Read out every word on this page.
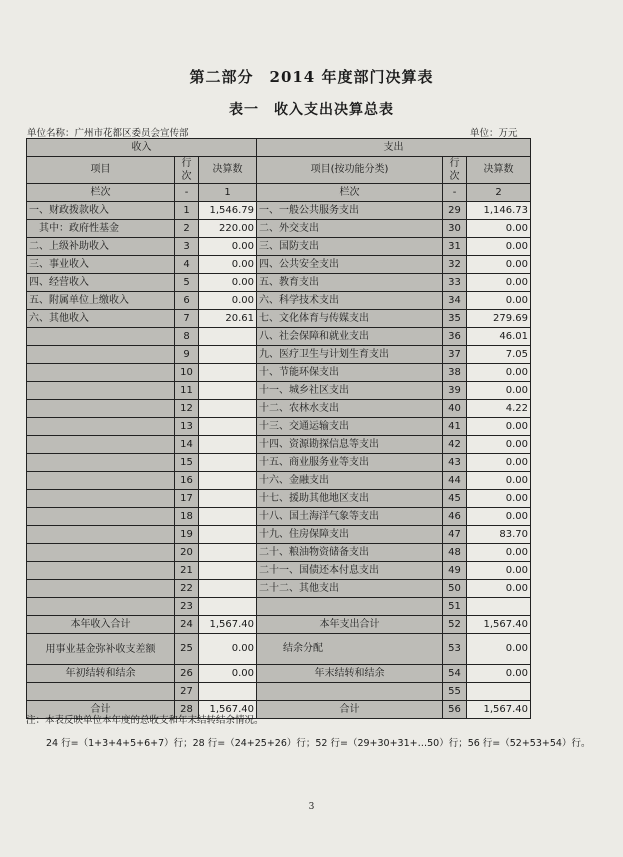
第二部分　2014 年度部门决算表
表一　收入支出决算总表
单位名称：广州市花都区委员会宣传部	单位：万元
收入			支出		
项目	行次	决算数	项目(按功能分类)	行次	决算数
栏次	-	1	栏次	-	2
一、财政拨款收入	1	1,546.79	一、一般公共服务支出	29	1,146.73
　其中：政府性基金	2	220.00	二、外交支出	30	0.00
二、上级补助收入	3	0.00	三、国防支出	31	0.00
三、事业收入	4	0.00	四、公共安全支出	32	0.00
四、经营收入	5	0.00	五、教育支出	33	0.00
五、附属单位上缴收入	6	0.00	六、科学技术支出	34	0.00
六、其他收入	7	20.61	七、文化体育与传媒支出	35	279.69
	8		八、社会保障和就业支出	36	46.01
	9		九、医疗卫生与计划生育支出	37	7.05
	10		十、节能环保支出	38	0.00
	11		十一、城乡社区支出	39	0.00
	12		十二、农林水支出	40	4.22
	13		十三、交通运输支出	41	0.00
	14		十四、资源勘探信息等支出	42	0.00
	15		十五、商业服务业等支出	43	0.00
	16		十六、金融支出	44	0.00
	17		十七、援助其他地区支出	45	0.00
	18		十八、国土海洋气象等支出	46	0.00
	19		十九、住房保障支出	47	83.70
	20		二十、粮油物资储备支出	48	0.00
	21		二十一、国债还本付息支出	49	0.00
	22		二十二、其他支出	50	0.00
	23			51	
本年收入合计	24	1,567.40	本年支出合计	52	1,567.40
用事业基金弥补收支差额	25	0.00	结余分配	53	0.00
年初结转和结余	26	0.00	年末结转和结余	54	0.00
	27			55	
合计	28	1,567.40	合计	56	1,567.40
注：本表反映单位本年度的总收支和年末结转结余情况。
24 行=（1+3+4+5+6+7）行；28 行=（24+25+26）行；52 行=（29+30+31+…50）行；56 行=（52+53+54）行。
3
